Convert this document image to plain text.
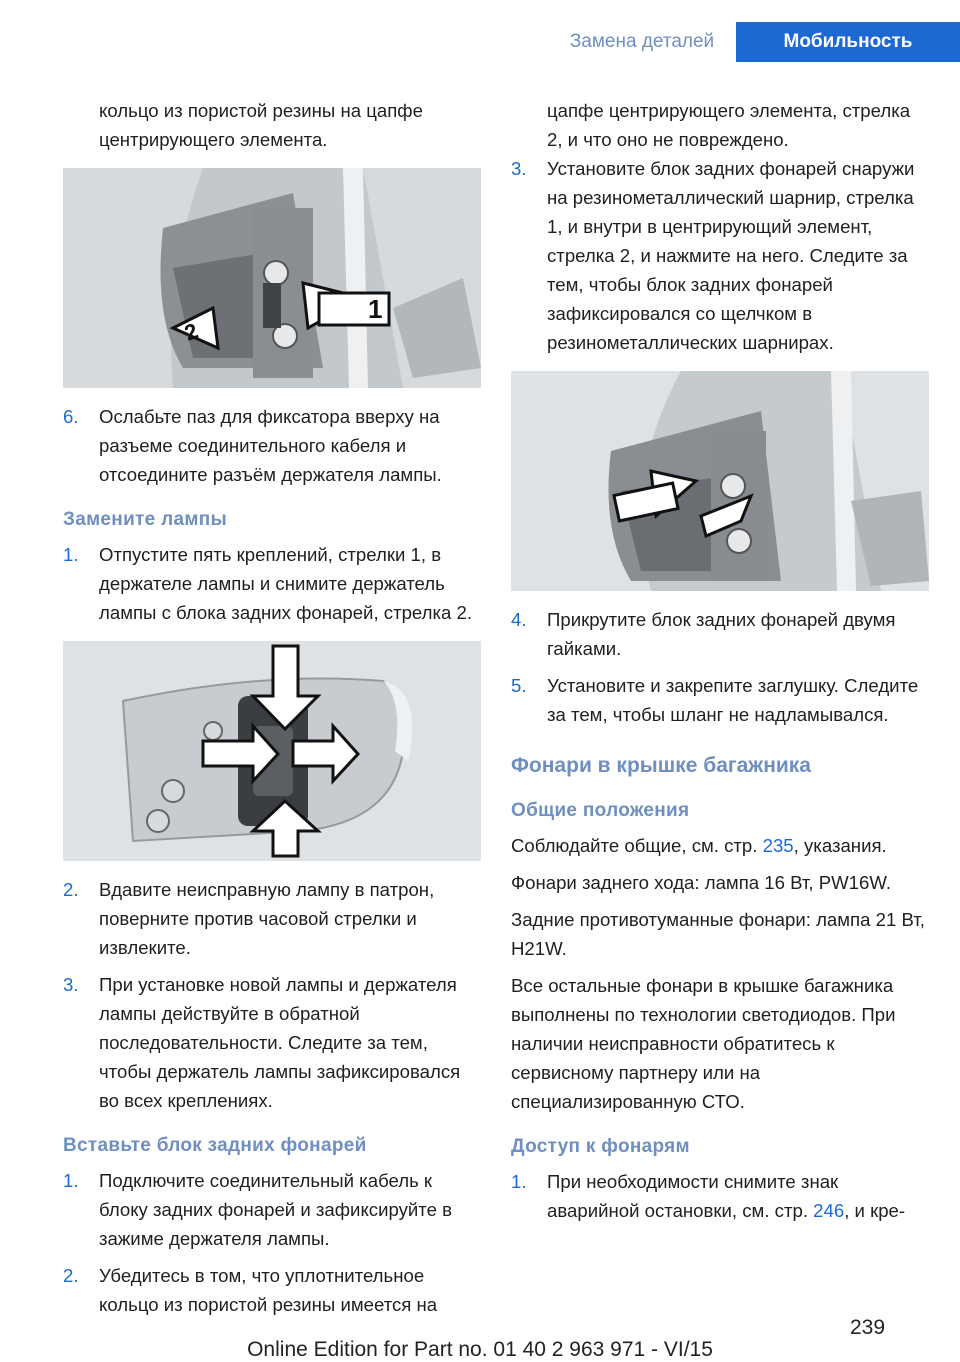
Замена деталей	Мобильность

кольцо из пористой резины на цапфе центрирующего элемента.

1
2
6.	Ослабьте паз для фиксатора вверху на разъеме соединительного кабеля и отсоедините разъём держателя лампы.
Замените лампы
1.	Отпустите пять креплений, стрелки 1, в держателе лампы и снимите держатель лампы с блока задних фонарей, стрелка 2.
2.	Вдавите неисправную лампу в патрон, поверните против часовой стрелки и извлеките.
3.	При установке новой лампы и держателя лампы действуйте в обратной последовательности. Следите за тем, чтобы держатель лампы зафиксировался во всех креплениях.
Вставьте блок задних фонарей
1.	Подключите соединительный кабель к блоку задних фонарей и зафиксируйте в зажиме держателя лампы.
2.	Убедитесь в том, что уплотнительное кольцо из пористой резины имеется на

цапфе центрирующего элемента, стрелка 2, и что оно не повреждено.

3.	Установите блок задних фонарей снаружи на резинометаллический шарнир, стрелка 1, и внутри в центрирующий элемент, стрелка 2, и нажмите на него. Следите за тем, чтобы блок задних фонарей зафиксировался со щелчком в резинометаллических шарнирах.
4.	Прикрутите блок задних фонарей двумя гайками.
5.	Установите и закрепите заглушку. Следите за тем, чтобы шланг не надламывался.
Фонари в крышке багажника
Общие положения

Соблюдайте общие, см. стр. 235, указания.

Фонари заднего хода: лампа 16 Вт, PW16W.

Задние противотуманные фонари: лампа 21 Вт, H21W.

Все остальные фонари в крышке багажника выполнены по технологии светодиодов. При наличии неисправности обратитесь к сервисному партнеру или на специализированную СТО.

Доступ к фонарям
1.	При необходимости снимите знак аварийной остановки, см. стр. 246, и кре-
239
Online Edition for Part no. 01 40 2 963 971 - VI/15
